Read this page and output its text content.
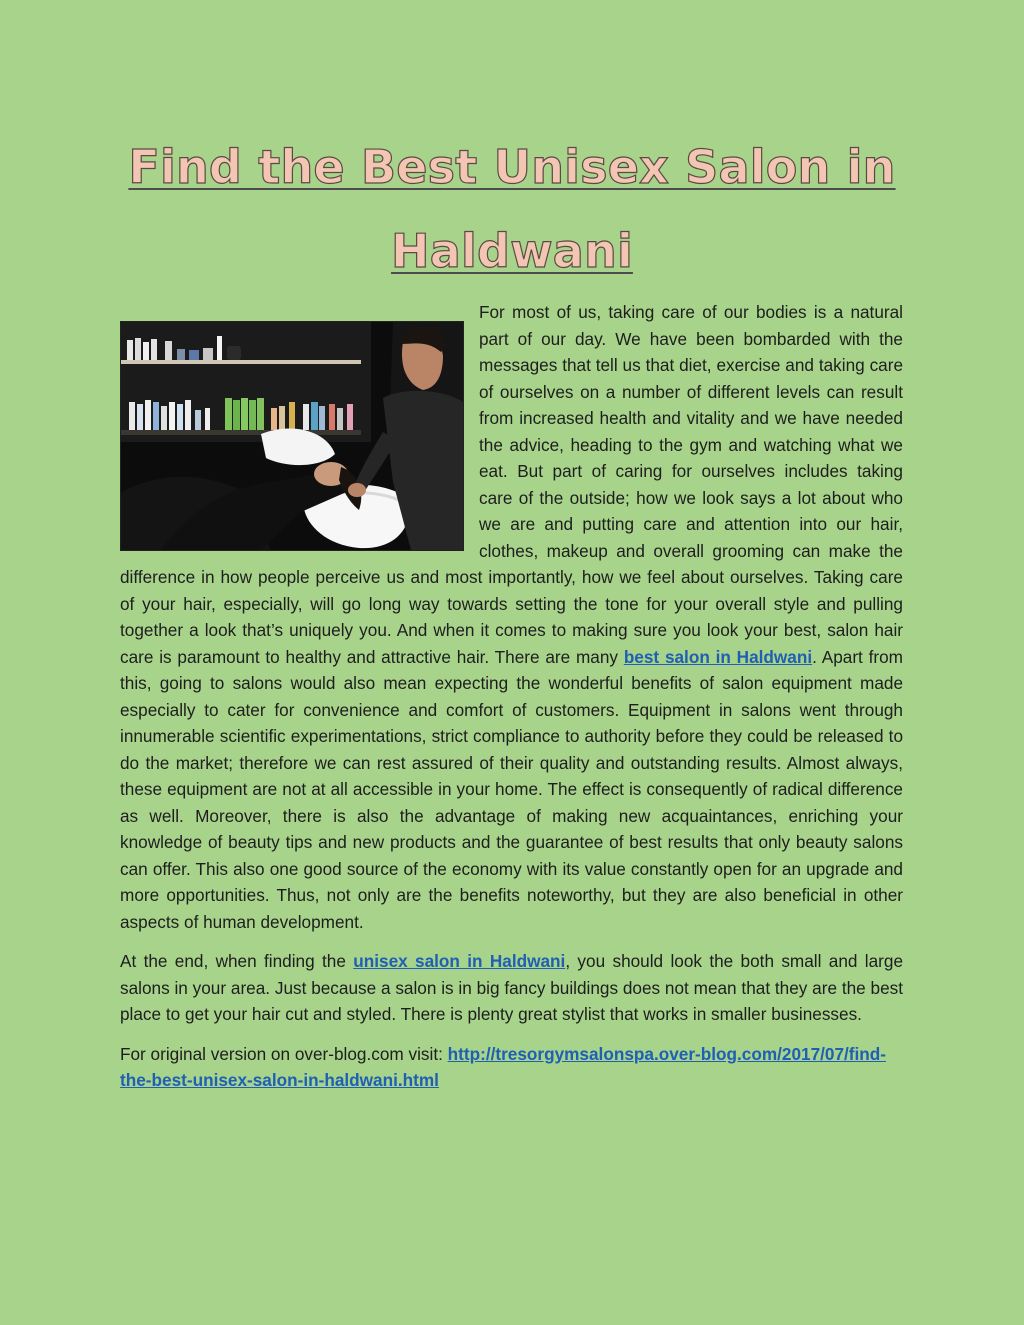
Find the Best Unisex Salon in
Haldwani

For most of us, taking care of our bodies is a natural part of our day. We have been bombarded with the messages that tell us that diet, exercise and taking care of ourselves on a number of different levels can result from increased health and vitality and we have needed the advice, heading to the gym and watching what we eat. But part of caring for ourselves includes taking care of the outside; how we look says a lot about who we are and putting care and attention into our hair, clothes, makeup and overall grooming can make the difference in how people perceive us and most importantly, how we feel about ourselves. Taking care of your hair, especially, will go long way towards setting the tone for your overall style and pulling together a look that’s uniquely you. And when it comes to making sure you look your best, salon hair care is paramount to healthy and attractive hair. There are many best salon in Haldwani. Apart from this, going to salons would also mean expecting the wonderful benefits of salon equipment made especially to cater for convenience and comfort of customers. Equipment in salons went through innumerable scientific experimentations, strict compliance to authority before they could be released to do the market; therefore we can rest assured of their quality and outstanding results. Almost always, these equipment are not at all accessible in your home. The effect is consequently of radical difference as well. Moreover, there is also the advantage of making new acquaintances, enriching your knowledge of beauty tips and new products and the guarantee of best results that only beauty salons can offer. This also one good source of the economy with its value constantly open for an upgrade and more opportunities. Thus, not only are the benefits noteworthy, but they are also beneficial in other aspects of human development.

At the end, when finding the unisex salon in Haldwani, you should look the both small and large salons in your area. Just because a salon is in big fancy buildings does not mean that they are the best place to get your hair cut and styled. There is plenty great stylist that works in smaller businesses.

For original version on over-blog.com visit: http://tresorgymsalonspa.over-blog.com/2017/07/find-the-best-unisex-salon-in-haldwani.html
